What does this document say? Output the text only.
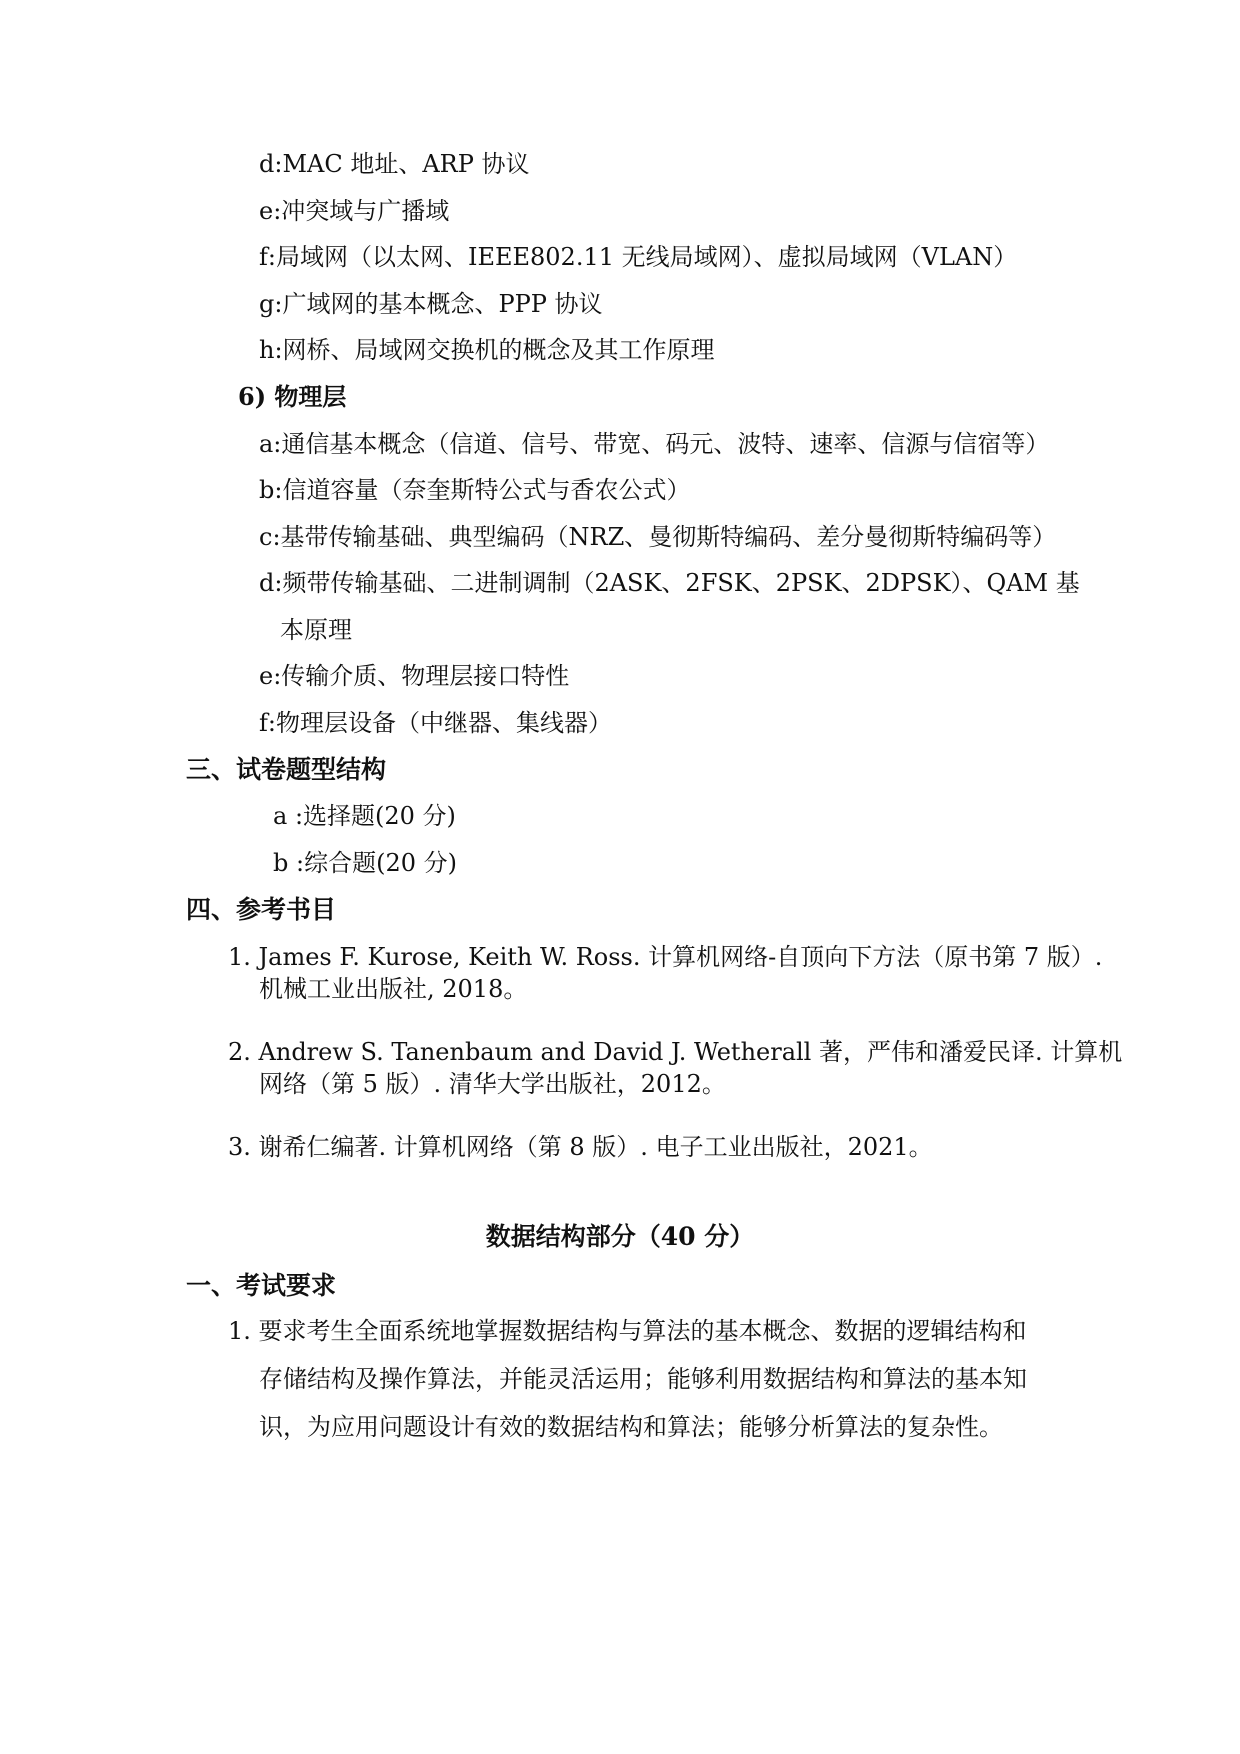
d:MAC 地址、ARP 协议
e:冲突域与广播域
f:局域网（以太网、IEEE802.11 无线局域网）、虚拟局域网（VLAN）
g:广域网的基本概念、PPP 协议
h:网桥、局域网交换机的概念及其工作原理
6) 物理层
a:通信基本概念（信道、信号、带宽、码元、波特、速率、信源与信宿等）
b:信道容量（奈奎斯特公式与香农公式）
c:基带传输基础、典型编码（NRZ、曼彻斯特编码、差分曼彻斯特编码等）
d:频带传输基础、二进制调制（2ASK、2FSK、2PSK、2DPSK）、QAM 基
本原理
e:传输介质、物理层接口特性
f:物理层设备（中继器、集线器）
三、试卷题型结构
a :选择题(20 分)
b :综合题(20 分)
四、参考书目
1. James F. Kurose, Keith W. Ross. 计算机网络-自顶向下方法（原书第 7 版）.
机械工业出版社, 2018。
2. Andrew S. Tanenbaum and David J. Wetherall 著，严伟和潘爱民译. 计算机
网络（第 5 版）. 清华大学出版社，2012。
3. 谢希仁编著. 计算机网络（第 8 版）. 电子工业出版社，2021。
数据结构部分（40 分）
一、考试要求
1. 要求考生全面系统地掌握数据结构与算法的基本概念、数据的逻辑结构和
存储结构及操作算法，并能灵活运用；能够利用数据结构和算法的基本知
识，为应用问题设计有效的数据结构和算法；能够分析算法的复杂性。
